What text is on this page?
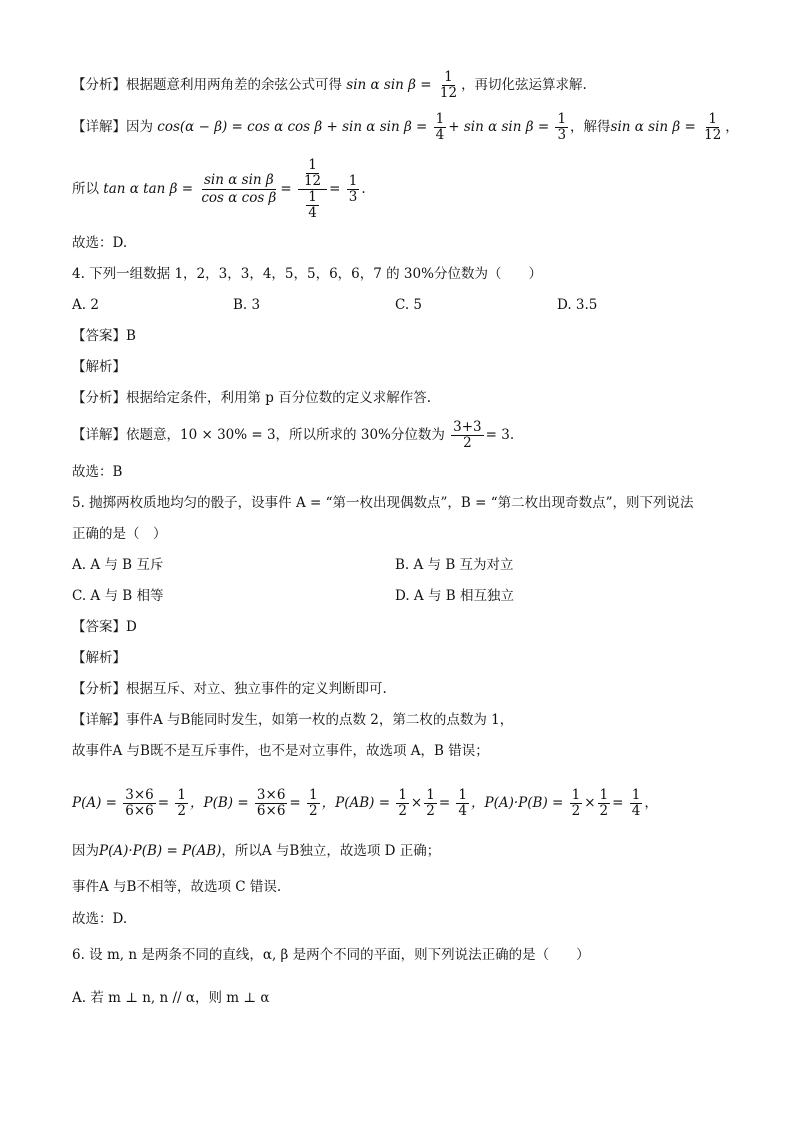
【分析】根据题意利用两角差的余弦公式可得 sin α $\sin \beta = \frac{1}{12}$ ，再切化弦运算求解.
【详解】因为 cos(α − β) = cos α cos β + sin α $\sin \beta = \frac{1}{4} + \sin \alpha$ $\sin \beta = \frac{1}{3}$ ，解得sin α $\sin \beta = \frac{1}{12}$ ，
所以 tan α $\tan \beta = \frac{\text{sin α sin β}}{\text{cos α cos β}} = \frac{\frac{1}{12}}{\frac{1}{4}} = \frac{1}{3}$ .
故选：D.
4. 下列一组数据 1，2，3，3，4，5，5，6，6，7 的 30%分位数为（　　）
A. 2	B. 3	C. 5	D. 3.5
【答案】B
【解析】
【分析】根据给定条件，利用第 p 百分位数的定义求解作答.
【详解】依题意，10 × 30% = 3，所以所求的 30%分位数为 $\frac{3+3}{2} = 3$.
故选：B
5. 抛掷两枚质地均匀的骰子，设事件 A = “第一枚出现偶数点”，B = “第二枚出现奇数点”，则下列说法
正确的是（　）
A. A 与 B 互斥	B. A 与 B 互为对立
C. A 与 B 相等	D. A 与 B 相互独立
【答案】D
【解析】
【分析】根据互斥、对立、独立事件的定义判断即可.
【详解】事件A 与B能同时发生，如第一枚的点数 2，第二枚的点数为 1，
故事件A 与B既不是互斥事件，也不是对立事件，故选项 A，B 错误；
$P(A) = \frac{3\times 6}{6\times 6} = \frac{1}{2}$ ，$P(B) = \frac{3\times 6}{6\times 6} = \frac{1}{2}$ ，$P(AB) = \frac{1}{2} \times \frac{1}{2} = \frac{1}{4}$ ，$P(A)\cdot P(B) = \frac{1}{2} \times \frac{1}{2} = \frac{1}{4}$ ，
因为P(A)·P(B) = P(AB)，所以A 与B独立，故选项 D 正确；
事件A 与B不相等，故选项 C 错误.
故选：D.
6. 设 m, n 是两条不同的直线，α, β 是两个不同的平面，则下列说法正确的是（　　）
A. 若 m ⊥ n, n // α，则 m ⊥ α
